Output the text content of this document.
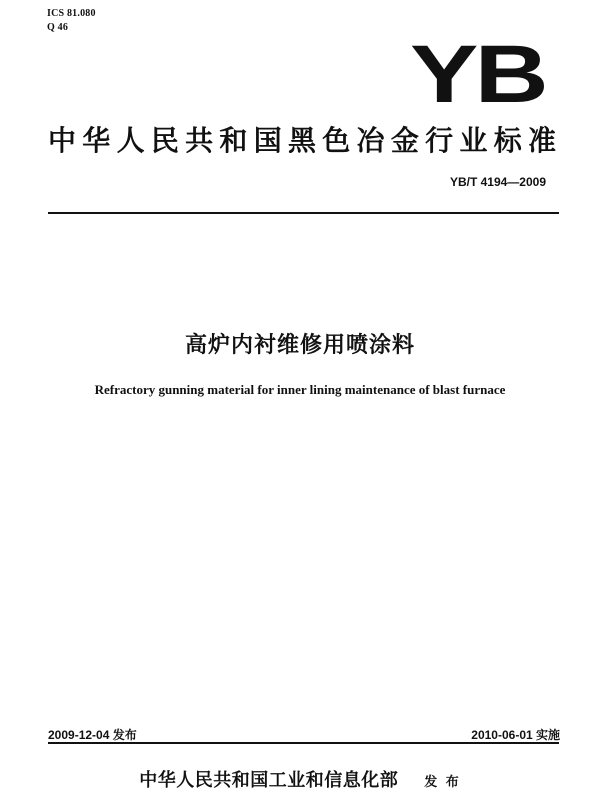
ICS 81.080
Q 46
YB
中华人民共和国黑色冶金行业标准
YB/T 4194—2009
高炉内衬维修用喷涂料
Refractory gunning material for inner lining maintenance of blast furnace
2009-12-04 发布	2010-06-01 实施
中华人民共和国工业和信息化部 发 布
